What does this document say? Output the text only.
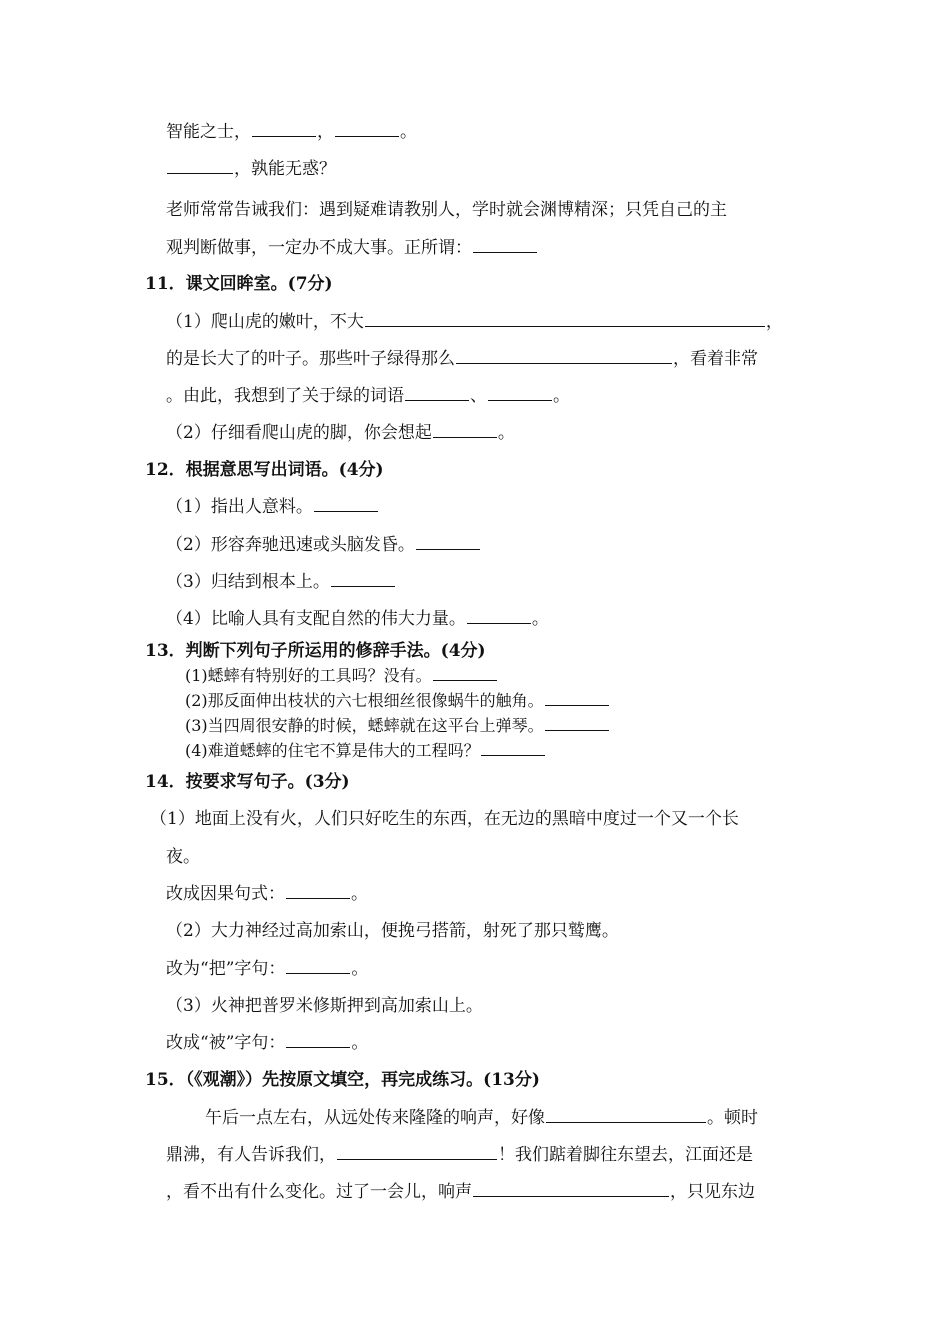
智能之士，	，	。
，孰能无惑？
老师常常告诫我们：遇到疑难请教别人，学时就会渊博精深；只凭自己的主
观判断做事，一定办不成大事。正所谓：
11．课文回眸室。(7分)
（1）爬山虎的嫩叶，不大	，
的是长大了的叶子。那些叶子绿得那么	，看着非常
。由此，我想到了关于绿的词语	、	。
（2）仔细看爬山虎的脚，你会想起	。
12．根据意思写出词语。(4分)
（1）指出人意料。
（2）形容奔驰迅速或头脑发昏。
（3）归结到根本上。
（4）比喻人具有支配自然的伟大力量。	。
13．判断下列句子所运用的修辞手法。(4分)
(1)蟋蟀有特别好的工具吗？没有。
(2)那反面伸出枝状的六七根细丝很像蜗牛的触角。
(3)当四周很安静的时候，蟋蟀就在这平台上弹琴。
(4)难道蟋蟀的住宅不算是伟大的工程吗？
14．按要求写句子。(3分)
（1）地面上没有火，人们只好吃生的东西，在无边的黑暗中度过一个又一个长
夜。
改成因果句式：	。
（2）大力神经过高加索山，便挽弓搭箭，射死了那只鹫鹰。
改为“把”字句：	。
（3）火神把普罗米修斯押到高加索山上。
改成“被”字句：	。
15．（《观潮》）先按原文填空，再完成练习。(13分)
午后一点左右，从远处传来隆隆的响声，好像	。顿时
鼎沸，有人告诉我们，	！我们踮着脚往东望去，江面还是
，看不出有什么变化。过了一会儿，响声	，只见东边
